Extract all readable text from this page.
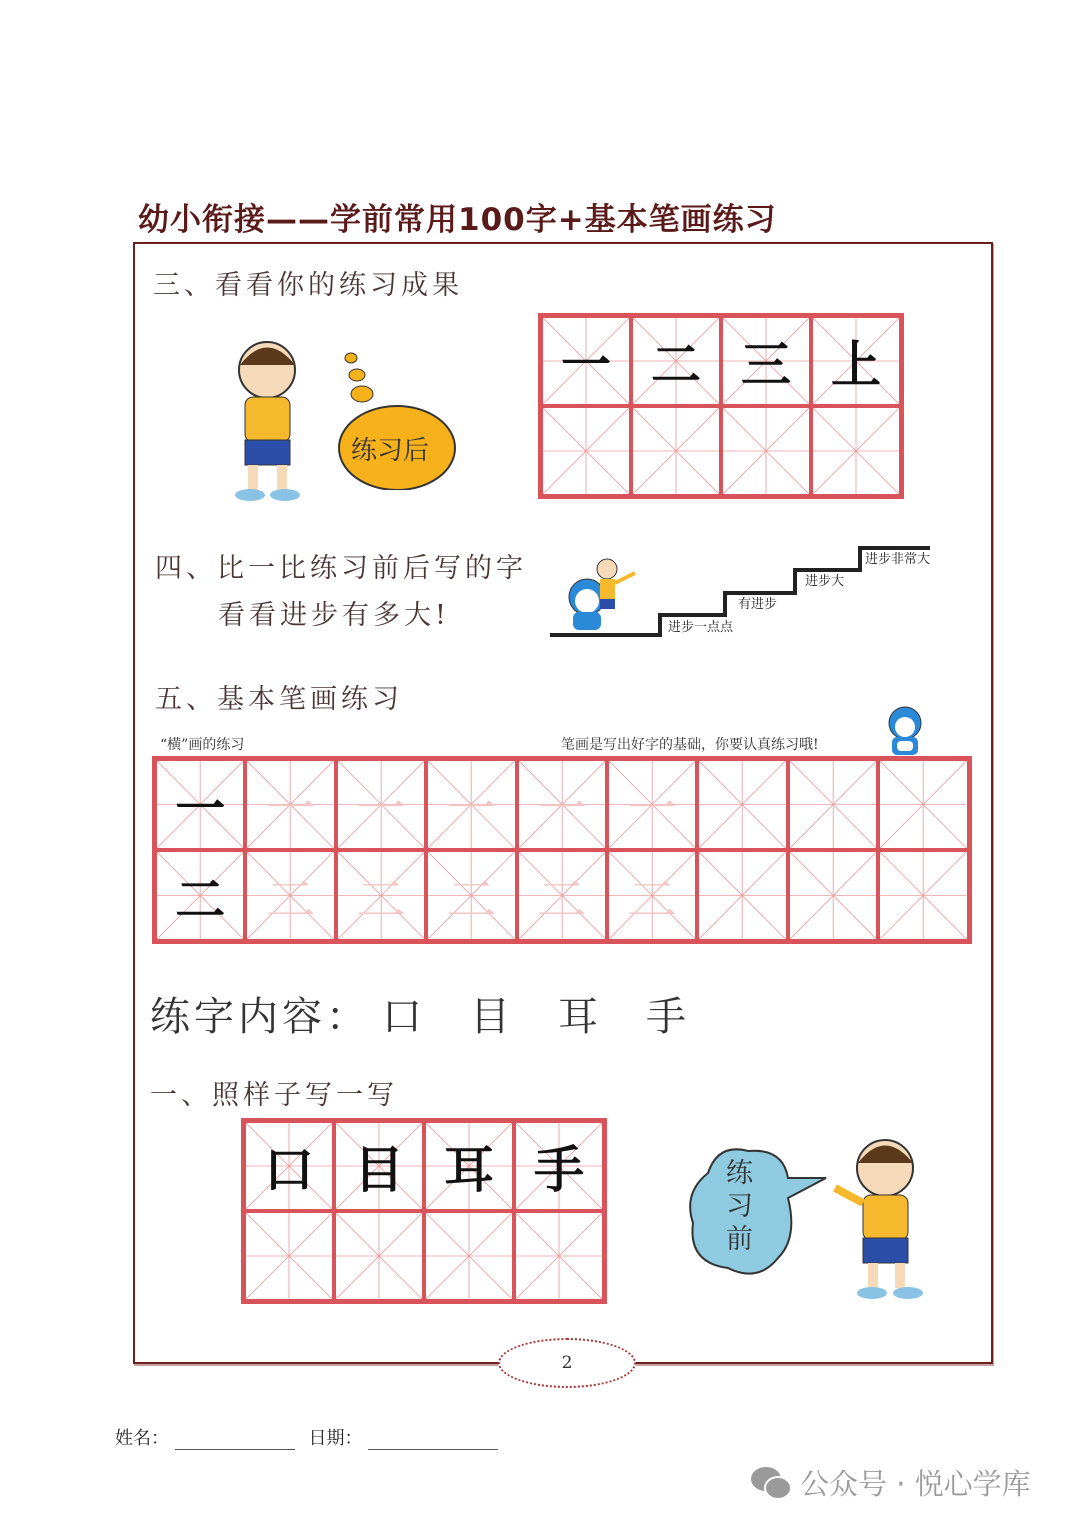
幼小衔接——学前常用100字+基本笔画练习
三、看看你的练习成果
练习后
一 二 三 上
四、比一比练习前后写的字
看看进步有多大!	进步一点点
有进步
进步大
进步非常大
五、基本笔画练习
“横”画的练习	笔画是写出好字的基础，你要认真练习哦!
一 一 一 一 一 一
二 二 二 二 二 二
练字内容： 口	目	耳	手
一、照样子写一写
口 目 耳 手	练习前
2
姓名：	日期：
公众号 · 悦心学库
